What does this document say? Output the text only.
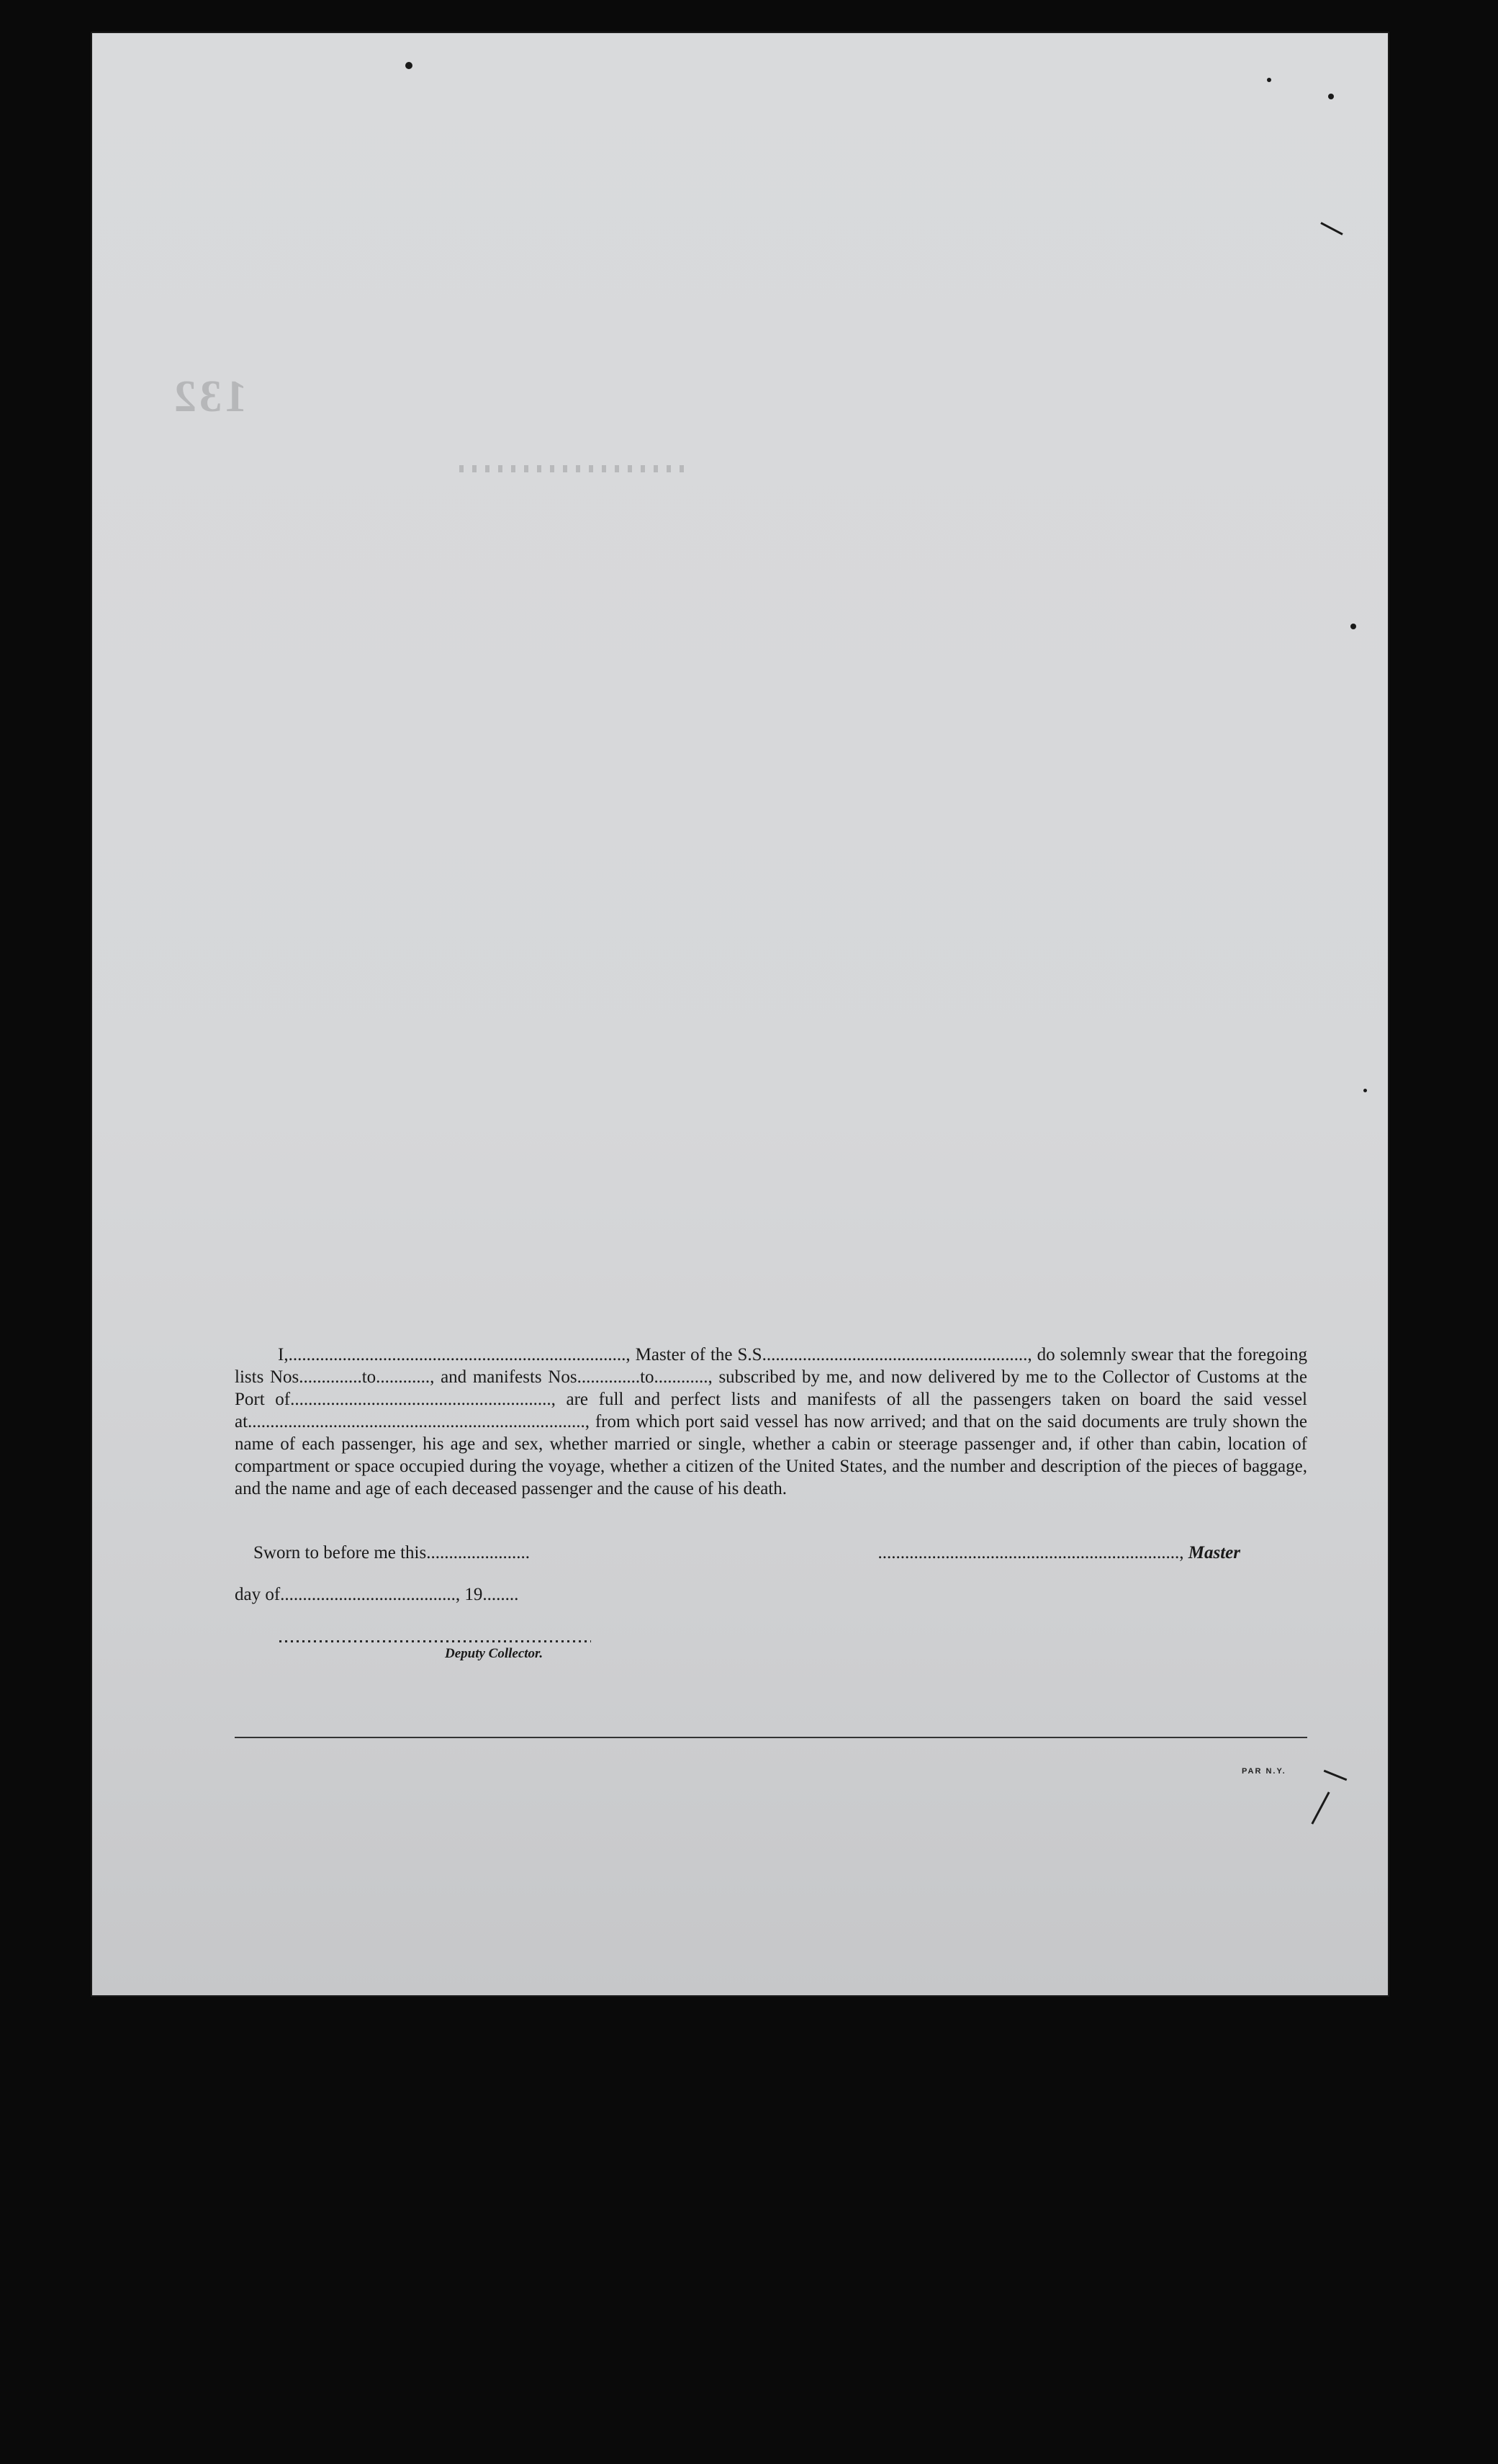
132

I,..........................................................................., Master of the S.S..........................................................., do solemnly swear that the foregoing lists Nos..............to............, and manifests Nos..............to............, subscribed by me, and now delivered by me to the Collector of Customs at the Port of.........................................................., are full and perfect lists and manifests of all the passengers taken on board the said vessel at..........................................................................., from which port said vessel has now arrived; and that on the said documents are truly shown the name of each passenger, his age and sex, whether married or single, whether a cabin or steerage passenger and, if other than cabin, location of compartment or space occupied during the voyage, whether a citizen of the United States, and the number and description of the pieces of baggage, and the name and age of each deceased passenger and the cause of his death.

Sworn to before me this.......................	..................................................................., Master
day of......................................., 19........
Deputy Collector.
PAR N.Y.
